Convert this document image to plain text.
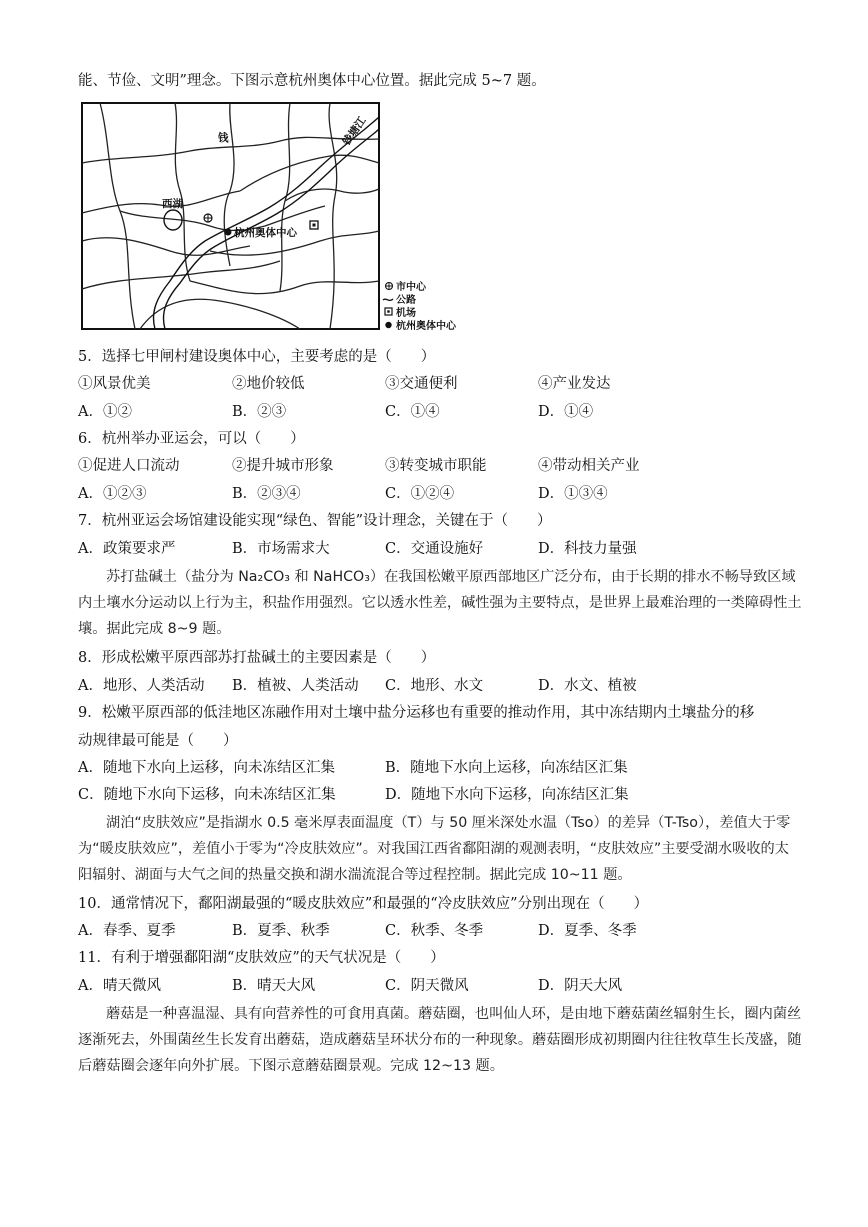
能、节俭、文明”理念。下图示意杭州奥体中心位置。据此完成 5~7 题。
钱	钱塘江
西湖
杭州奥体中心
市中心
公路
机场
杭州奥体中心
5．选择七甲闸村建设奥体中心，主要考虑的是（　　）
①风景优美	②地价较低	③交通便利	④产业发达
A．①②	B．②③	C．①④	D．①④
6．杭州举办亚运会，可以（　　）
①促进人口流动	②提升城市形象	③转变城市职能	④带动相关产业
A．①②③	B．②③④	C．①②④	D．①③④
7．杭州亚运会场馆建设能实现“绿色、智能”设计理念，关键在于（　　）
A．政策要求严	B．市场需求大	C．交通设施好	D．科技力量强
苏打盐碱土（盐分为 Na₂CO₃ 和 NaHCO₃）在我国松嫩平原西部地区广泛分布，由于长期的排水不畅导致区域内土壤水分运动以上行为主，积盐作用强烈。它以透水性差，碱性强为主要特点，是世界上最难治理的一类障碍性土壤。据此完成 8~9 题。
8．形成松嫩平原西部苏打盐碱土的主要因素是（　　）
A．地形、人类活动 B．植被、人类活动 C．地形、水文	D．水文、植被
9．松嫩平原西部的低洼地区冻融作用对土壤中盐分运移也有重要的推动作用，其中冻结期内土壤盐分的移
动规律最可能是（　　）
A．随地下水向上运移，向未冻结区汇集	B．随地下水向上运移，向冻结区汇集
C．随地下水向下运移，向未冻结区汇集	D．随地下水向下运移，向冻结区汇集
湖泊“皮肤效应”是指湖水 0.5 毫米厚表面温度（T）与 50 厘米深处水温（Tso）的差异（T-Tso），差值大于零为“暖皮肤效应”，差值小于零为“冷皮肤效应”。对我国江西省鄱阳湖的观测表明，“皮肤效应”主要受湖水吸收的太阳辐射、湖面与大气之间的热量交换和湖水湍流混合等过程控制。据此完成 10~11 题。
10．通常情况下，鄱阳湖最强的“暖皮肤效应”和最强的“冷皮肤效应”分别出现在（　　）
A．春季、夏季	B．夏季、秋季	C．秋季、冬季	D．夏季、冬季
11．有利于增强鄱阳湖“皮肤效应”的天气状况是（　　）
A．晴天微风	B．晴天大风	C．阴天微风	D．阴天大风
蘑菇是一种喜温湿、具有向营养性的可食用真菌。蘑菇圈，也叫仙人环，是由地下蘑菇菌丝辐射生长，圈内菌丝逐渐死去，外围菌丝生长发育出蘑菇，造成蘑菇呈环状分布的一种现象。蘑菇圈形成初期圈内往往牧草生长茂盛，随后蘑菇圈会逐年向外扩展。下图示意蘑菇圈景观。完成 12~13 题。
